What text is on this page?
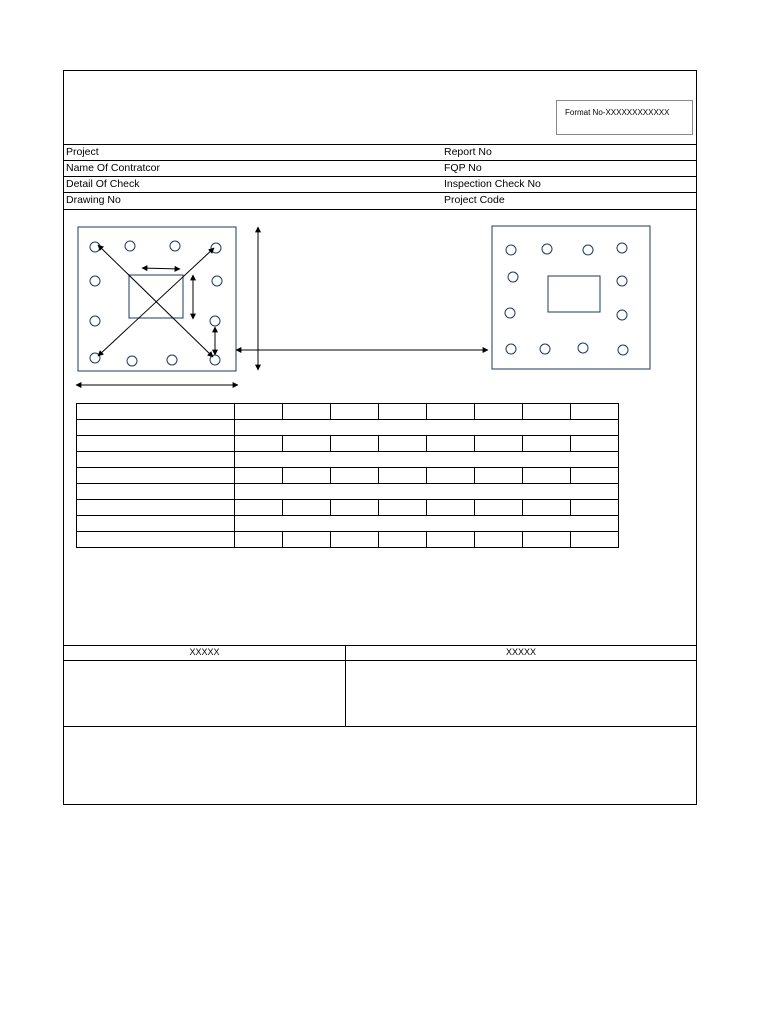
Format No-XXXXXXXXXXXX
Project	Report No
Name Of Contratcor	FQP No
Detail Of Check	Inspection Check No
Drawing No	Project Code

XXXXX	XXXXX
